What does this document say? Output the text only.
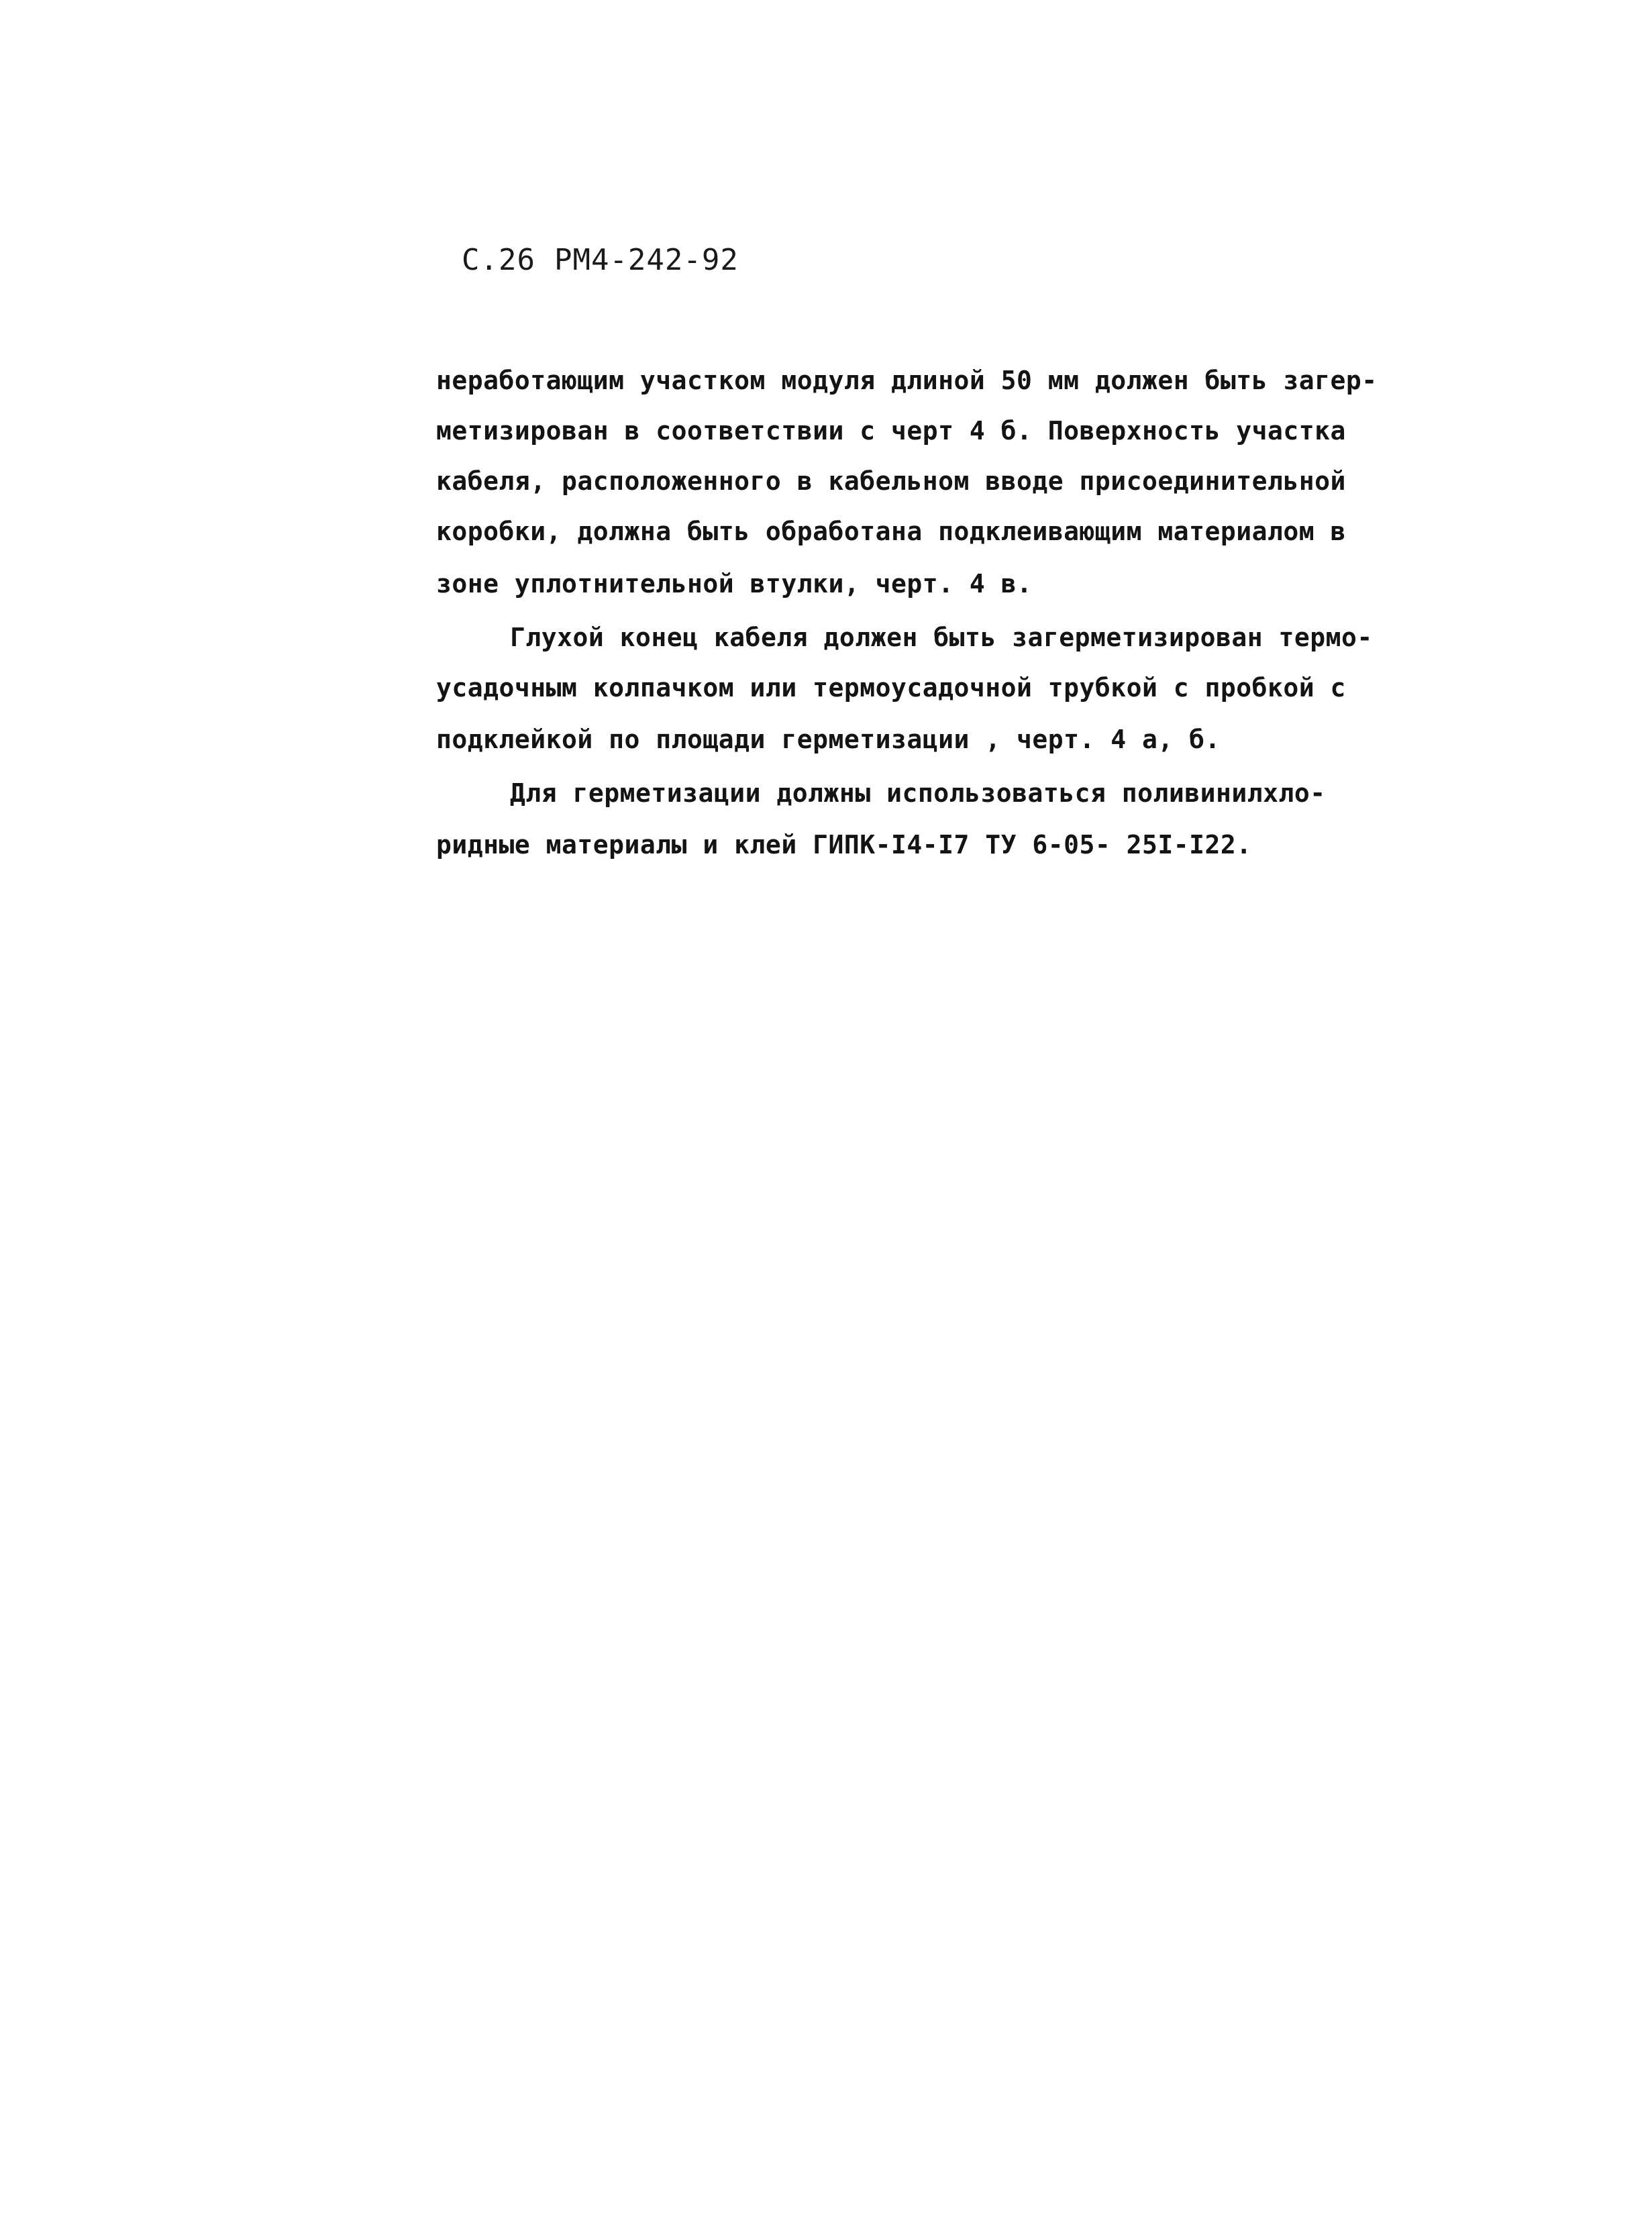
С.26 РМ4-242-92
неработающим участком модуля длиной 50 мм должен быть загер-
метизирован в соответствии с черт 4 б. Поверхность участка
кабеля, расположенного в кабельном вводе присоединительной
коробки, должна быть обработана подклеивающим материалом в
зоне уплотнительной втулки, черт. 4 в.
Глухой конец кабеля должен быть загерметизирован термо-
усадочным колпачком или термоусадочной трубкой с пробкой с
подклейкой по площади герметизации , черт. 4 а, б.
Для герметизации должны использоваться поливинилхло-
ридные материалы и клей ГИПК-I4-I7 ТУ 6-05- 25I-I22.
